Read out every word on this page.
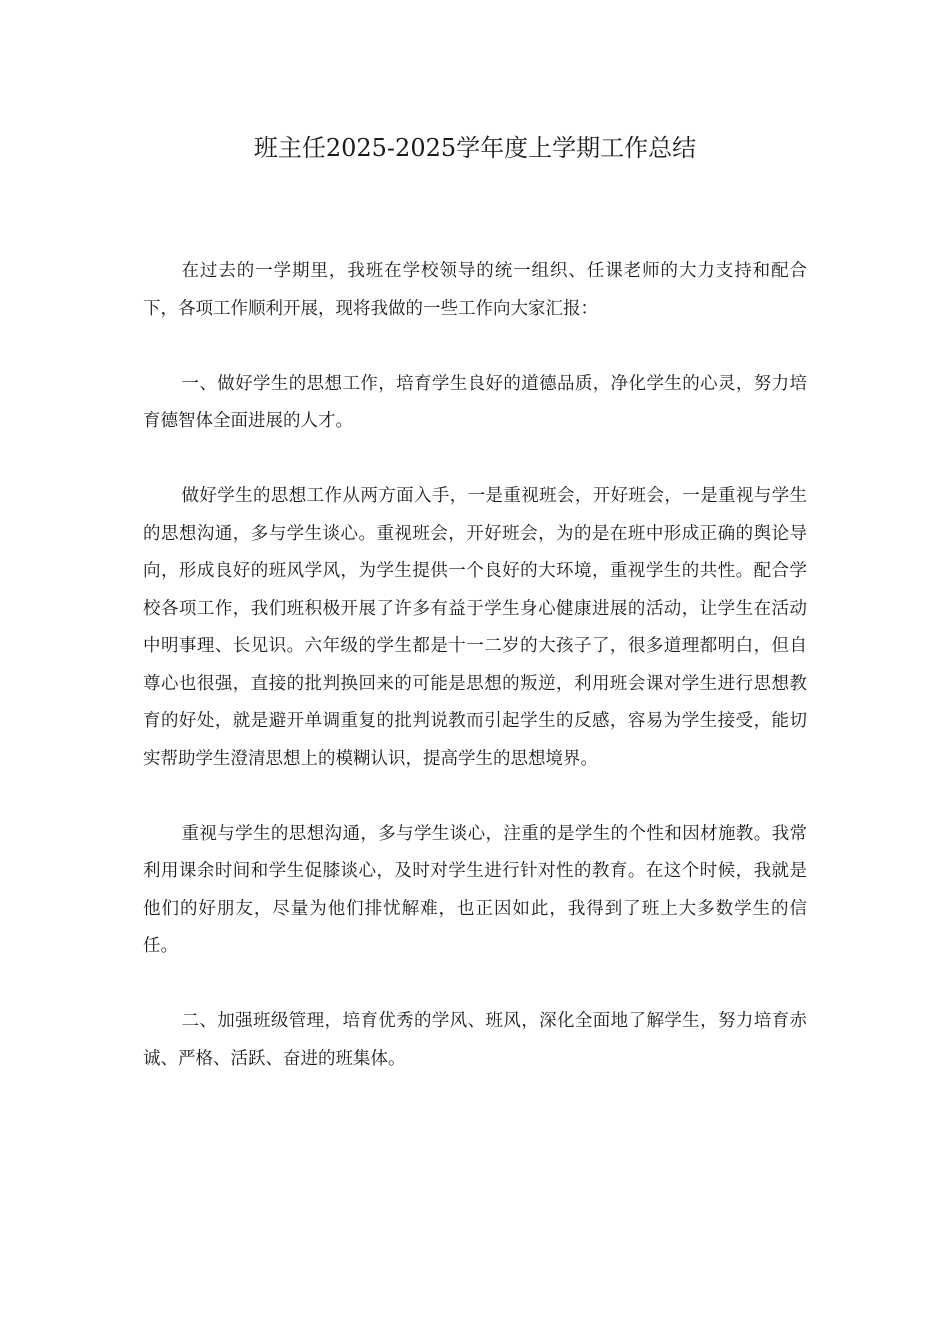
班主任2025-2025学年度上学期工作总结

在过去的一学期里，我班在学校领导的统一组织、任课老师的大力支持和配合下，各项工作顺利开展，现将我做的一些工作向大家汇报：

一、做好学生的思想工作，培育学生良好的道德品质，净化学生的心灵，努力培育德智体全面进展的人才。

做好学生的思想工作从两方面入手，一是重视班会，开好班会，一是重视与学生的思想沟通，多与学生谈心。重视班会，开好班会，为的是在班中形成正确的舆论导向，形成良好的班风学风，为学生提供一个良好的大环境，重视学生的共性。配合学校各项工作，我们班积极开展了许多有益于学生身心健康进展的活动，让学生在活动中明事理、长见识。六年级的学生都是十一二岁的大孩子了，很多道理都明白，但自尊心也很强，直接的批判换回来的可能是思想的叛逆，利用班会课对学生进行思想教育的好处，就是避开单调重复的批判说教而引起学生的反感，容易为学生接受，能切实帮助学生澄清思想上的模糊认识，提高学生的思想境界。

重视与学生的思想沟通，多与学生谈心，注重的是学生的个性和因材施教。我常利用课余时间和学生促膝谈心，及时对学生进行针对性的教育。在这个时候，我就是他们的好朋友，尽量为他们排忧解难，也正因如此，我得到了班上大多数学生的信任。

二、加强班级管理，培育优秀的学风、班风，深化全面地了解学生，努力培育赤诚、严格、活跃、奋进的班集体。
